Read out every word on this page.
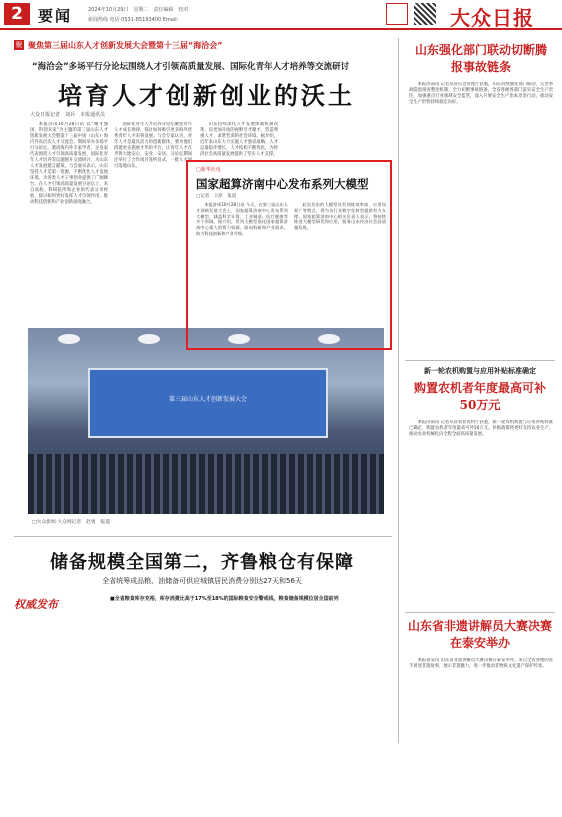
2	要闻	2024年10月29日　星期二　责任编辑　校对
新闻热线 电话 0531-85193400 Email:	大众日报
聚 聚焦第三届山东人才创新发展大会暨第十三届“海洽会”
“海洽会”多场平行分论坛围绕人才引领高质量发展、国际化青年人才培养等交流研讨
培育人才创新创业的沃土
大众日报记者　刘兵　本报通讯员

本报济南10月28日讯 以“聚才强国、科创未来”为主题的第三届山东人才创新发展大会暨第十三届中国（山东）海内外高层次人才交流会，期间举办多场平行分论坛，邀请海内外专家学者、企业家代表围绕人才引领高质量发展、国际化青年人才培养等议题展开交流研讨，为山东人才发展建言献策。与会嘉宾表示，山东坚持人才是第一资源，不断优化人才发展环境，为各类人才干事创业提供了广阔舞台。在人才引领高质量发展分论坛上，来自高校、科研院所和企业的代表分享经验，探讨如何更好发挥人才引领作用，推动科技创新和产业创新深度融合。

国际化青年人才培养分论坛聚焦青年人才成长规律，探讨如何吸引更多海外优秀青年人才来鲁发展。与会专家认为，青年人才是最具活力的创新群体，要为他们搭建更多施展才华的平台，让青年人才在齐鲁大地安心、安业、安居。分论坛期间还举行了合作项目签约仪式，一批人才项目落地山东。

山东持续深化人才发展体制机制改革，以更加开放的视野引才聚才，营造尊重人才、求贤若渴的社会环境。据介绍，近年来山东大力实施人才强省战略，人才总量稳步增长，人才结构不断优化，为经济社会高质量发展提供了坚实人才支撑。

第三届山东人才创新发展大会
□大众新闻·大众网记者　赵勇　报道
□新华社电
国家超算济南中心发布系列大模型
□记者　王原　报道

本报济南10月28日讯 今天，在第三届山东人才创新发展大会上，国家超算济南中心发布系列大模型，涵盖科学计算、工业制造、医疗健康等多个领域。据介绍，系列大模型依托国家超算济南中心强大的算力资源，面向科研和产业需求，助力科技创新和产业升级。

此次发布的大模型具有训练效率高、应用场景广等特点，将为各行业数字化转型提供有力支撑。国家超算济南中心相关负责人表示，将持续推进大模型研发和应用，服务山东经济社会高质量发展。

山东强化部门联动切断腾报事故链条

本报济南讯 记者从省应急管理厅获悉，山东持续强化部门联动，完善事故隐患排查整治机制，全力切断事故链条。全省各级各部门落实安全生产责任，加强重点行业领域安全监管，深入开展安全生产治本攻坚行动，推动安全生产形势持续稳定向好。

新一轮农机购置与应用补贴标准确定
购置农机者年度最高可补50万元

本报济南讯 记者从省农业农村厅获悉，新一轮农机购置与应用补贴标准已确定，购置农机者年度最高可补50万元。补贴政策将更好支持农业生产，推动农业机械化向全程全面高质量发展。

山东省非遗讲解员大赛决赛在泰安举办

本报泰安讯 山东省非遗讲解员大赛决赛在泰安举办。来自全省各地的选手讲述非遗故事，展示非遗魅力，进一步推动非物质文化遗产保护传承。

储备规模全国第二，齐鲁粮仓有保障
全省统筹成品粮、油储备可供应城镇居民消费分别达27天和56天
权威发布	■全省粮食库存充裕，库存消费比高于17%至18%的国际粮食安全警戒线，粮食储备规模位居全国前列
